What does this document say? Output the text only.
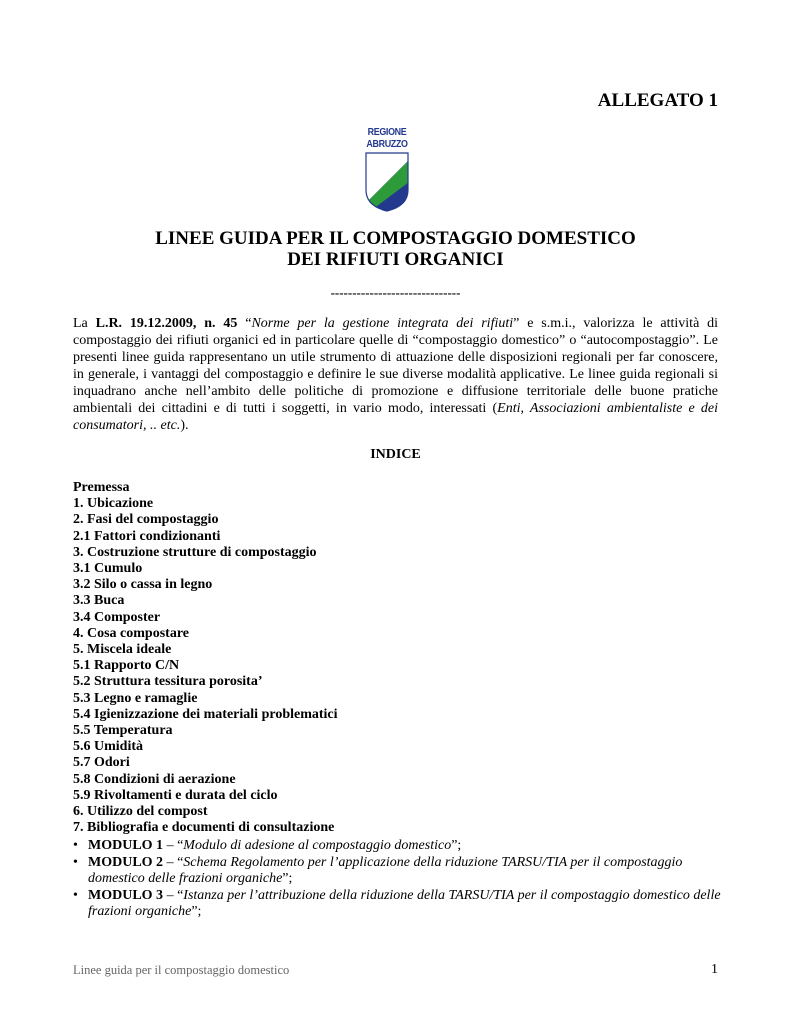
ALLEGATO 1
REGIONE
ABRUZZO
LINEE GUIDA PER IL COMPOSTAGGIO DOMESTICO
DEI RIFIUTI ORGANICI
------------------------------
La L.R. 19.12.2009, n. 45 “Norme per la gestione integrata dei rifiuti” e s.m.i., valorizza le attività di compostaggio dei rifiuti organici ed in particolare quelle di “compostaggio domestico” o “autocompostaggio”. Le presenti linee guida rappresentano un utile strumento di attuazione delle disposizioni regionali per far conoscere, in generale, i vantaggi del compostaggio e definire le sue diverse modalità applicative. Le linee guida regionali si inquadrano anche nell’ambito delle politiche di promozione e diffusione territoriale delle buone pratiche ambientali dei cittadini e di tutti i soggetti, in vario modo, interessati (Enti, Associazioni ambientaliste e dei consumatori, .. etc.).
INDICE
Premessa
1. Ubicazione
2. Fasi del compostaggio
2.1 Fattori condizionanti
3. Costruzione strutture di compostaggio
3.1 Cumulo
3.2 Silo o cassa in legno
3.3 Buca
3.4 Composter
4. Cosa compostare
5. Miscela ideale
5.1 Rapporto C/N
5.2 Struttura tessitura porosita’
5.3 Legno e ramaglie
5.4 Igienizzazione dei materiali problematici
5.5 Temperatura
5.6 Umidità
5.7 Odori
5.8 Condizioni di aerazione
5.9 Rivoltamenti e durata del ciclo
6. Utilizzo del compost
7. Bibliografia e documenti di consultazione
• MODULO 1 – “Modulo di adesione al compostaggio domestico”;
• MODULO 2 – “Schema Regolamento per l’applicazione della riduzione TARSU/TIA per il compostaggio domestico delle frazioni organiche”;
• MODULO 3 – “Istanza per l’attribuzione della riduzione della TARSU/TIA per il compostaggio domestico delle frazioni organiche”;
Linee guida per il compostaggio domestico	1
